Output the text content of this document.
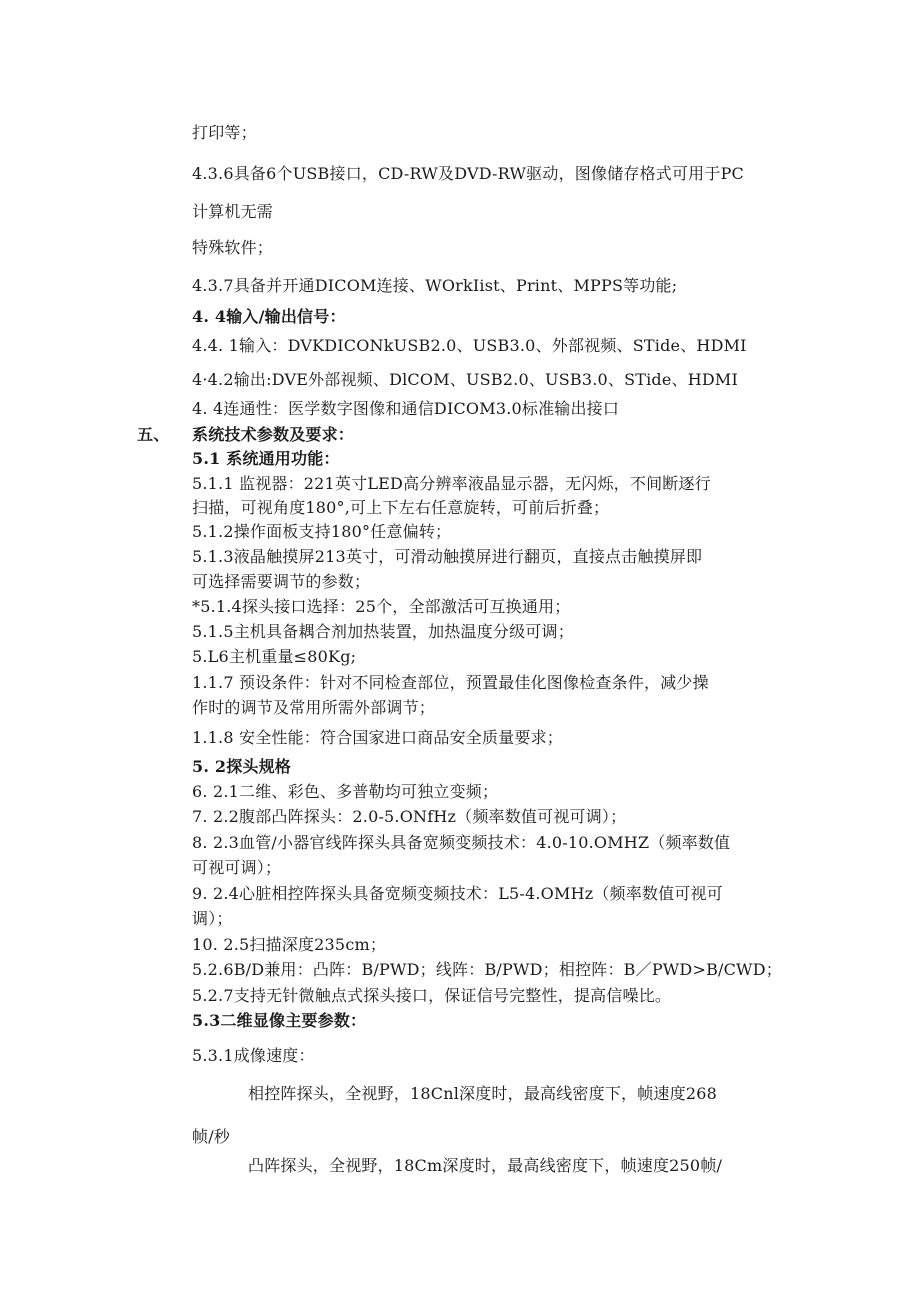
打印等；
4.3.6具备6个USB接口，CD-RW及DVD-RW驱动，图像储存格式可用于PC
计算机无需
特殊软件；
4.3.7具备并开通DICOM连接、WOrkIist、Print、MPPS等功能;
4. 4输入/输出信号：
4.4. 1输入：DVKDICONkUSB2.0、USB3.0、外部视频、STide、HDMI
4·4.2输出:DVE外部视频、DlCOM、USB2.0、USB3.0、STide、HDMI
4. 4连通性：医学数字图像和通信DICOM3.0标准输出接口
五、 系统技术参数及要求：
5.1 系统通用功能：
5.1.1 监视器：221英寸LED高分辨率液晶显示器，无闪烁，不间断逐行
扫描，可视角度180°,可上下左右任意旋转，可前后折叠；
5.1.2操作面板支持180°任意偏转；
5.1.3液晶触摸屏213英寸，可滑动触摸屏进行翻页，直接点击触摸屏即
可选择需要调节的参数；
*5.1.4探头接口选择：25个，全部激活可互换通用；
5.1.5主机具备耦合剂加热装置，加热温度分级可调；
5.L6主机重量≤80Kg;
1.1.7 预设条件：针对不同检查部位，预置最佳化图像检查条件，减少操
作时的调节及常用所需外部调节；
1.1.8 安全性能：符合国家进口商品安全质量要求；
5. 2探头规格
6. 2.1二维、彩色、多普勒均可独立变频；
7. 2.2腹部凸阵探头：2.0-5.ONfHz（频率数值可视可调）；
8. 2.3血管/小器官线阵探头具备宽频变频技术：4.0-10.OMHZ（频率数值
可视可调）；
9. 2.4心脏相控阵探头具备宽频变频技术：L5-4.OMHz（频率数值可视可
调）；
10. 2.5扫描深度235cm；
5.2.6B/D兼用：凸阵：B/PWD；线阵：B/PWD；相控阵：B／PWD>B/CWD；
5.2.7支持无针微触点式探头接口，保证信号完整性，提高信噪比。
5.3二维显像主要参数：
5.3.1成像速度：
相控阵探头，全视野，18Cnl深度时，最高线密度下，帧速度268
帧/秒
凸阵探头，全视野，18Cm深度时，最高线密度下，帧速度250帧/
